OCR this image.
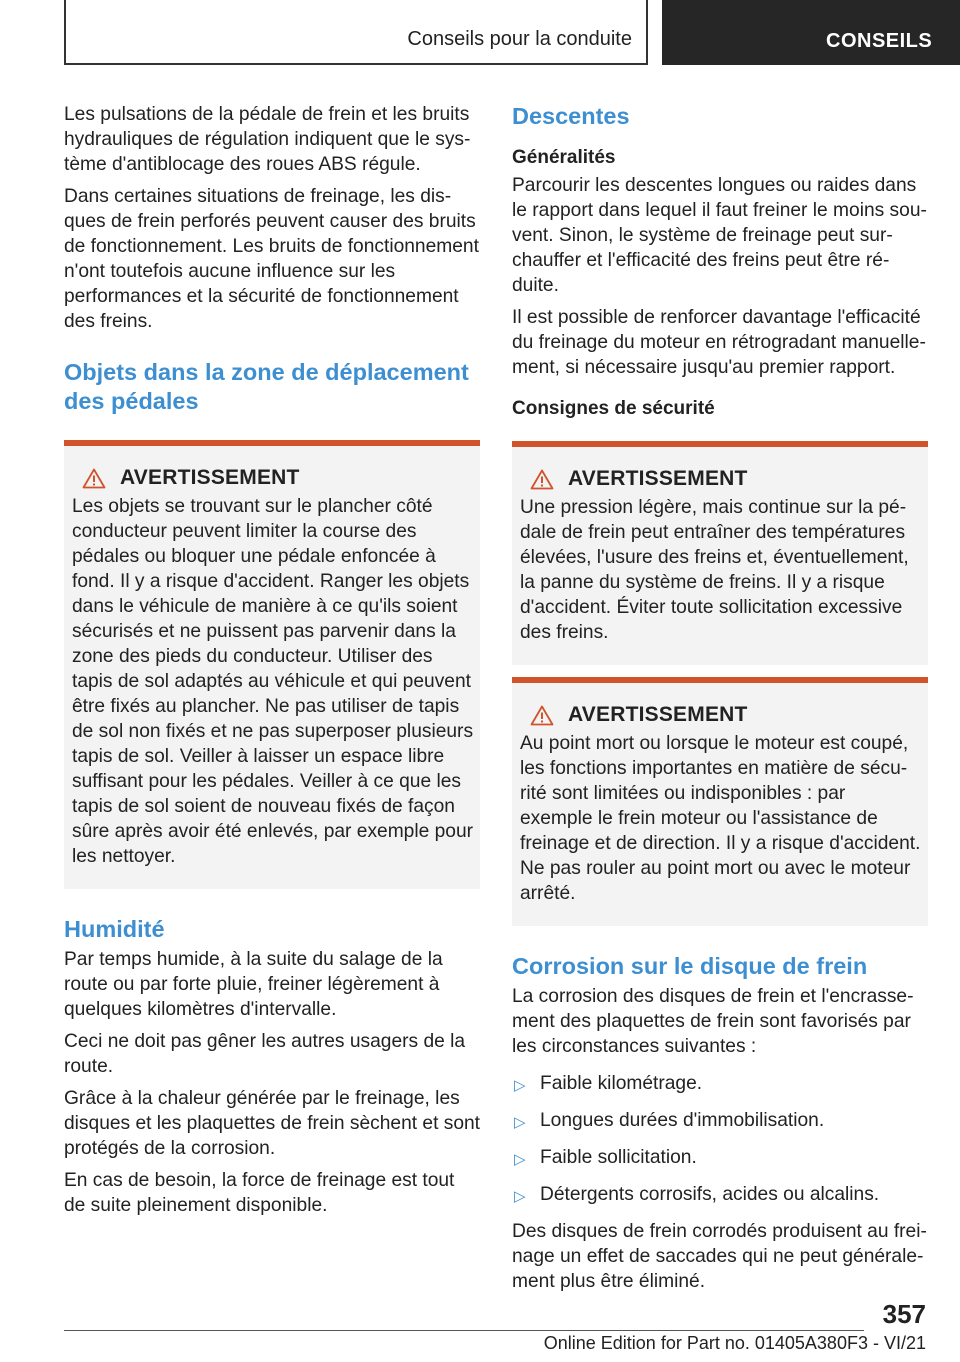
Conseils pour la conduite	CONSEILS

Les pulsations de la pédale de frein et les bruits hydrauliques de régulation indiquent que le système d'antiblocage des roues ABS régule.

Dans certaines situations de freinage, les disques de frein perforés peuvent causer des bruits de fonctionnement. Les bruits de fonctionnement n'ont toutefois aucune influence sur les performances et la sécurité de fonctionnement des freins.

Objets dans la zone de déplacement des pédales
AVERTISSEMENT

Les objets se trouvant sur le plancher côté conducteur peuvent limiter la course des pédales ou bloquer une pédale enfoncée à fond. Il y a risque d'accident. Ranger les objets dans le véhicule de manière à ce qu'ils soient sécurisés et ne puissent pas parvenir dans la zone des pieds du conducteur. Utiliser des tapis de sol adaptés au véhicule et qui peuvent être fixés au plancher. Ne pas utiliser de tapis de sol non fixés et ne pas superposer plusieurs tapis de sol. Veiller à laisser un espace libre suffisant pour les pédales. Veiller à ce que les tapis de sol soient de nouveau fixés de façon sûre après avoir été enlevés, par exemple pour les nettoyer.

Humidité

Par temps humide, à la suite du salage de la route ou par forte pluie, freiner légèrement à quelques kilomètres d'intervalle.

Ceci ne doit pas gêner les autres usagers de la route.

Grâce à la chaleur générée par le freinage, les disques et les plaquettes de frein sèchent et sont protégés de la corrosion.

En cas de besoin, la force de freinage est tout de suite pleinement disponible.

Descentes
Généralités

Parcourir les descentes longues ou raides dans le rapport dans lequel il faut freiner le moins souvent. Sinon, le système de freinage peut surchauffer et l'efficacité des freins peut être réduite.

Il est possible de renforcer davantage l'efficacité du freinage du moteur en rétrogradant manuellement, si nécessaire jusqu'au premier rapport.

Consignes de sécurité
AVERTISSEMENT

Une pression légère, mais continue sur la pédale de frein peut entraîner des températures élevées, l'usure des freins et, éventuellement, la panne du système de freins. Il y a risque d'accident. Éviter toute sollicitation excessive des freins.

AVERTISSEMENT

Au point mort ou lorsque le moteur est coupé, les fonctions importantes en matière de sécurité sont limitées ou indisponibles : par exemple le frein moteur ou l'assistance de freinage et de direction. Il y a risque d'accident. Ne pas rouler au point mort ou avec le moteur arrêté.

Corrosion sur le disque de frein

La corrosion des disques de frein et l'encrassement des plaquettes de frein sont favorisés par les circonstances suivantes :

▷ Faible kilométrage.
▷ Longues durées d'immobilisation.
▷ Faible sollicitation.
▷ Détergents corrosifs, acides ou alcalins.

Des disques de frein corrodés produisent au freinage un effet de saccades qui ne peut généralement plus être éliminé.

357
Online Edition for Part no. 01405A380F3 - VI/21
